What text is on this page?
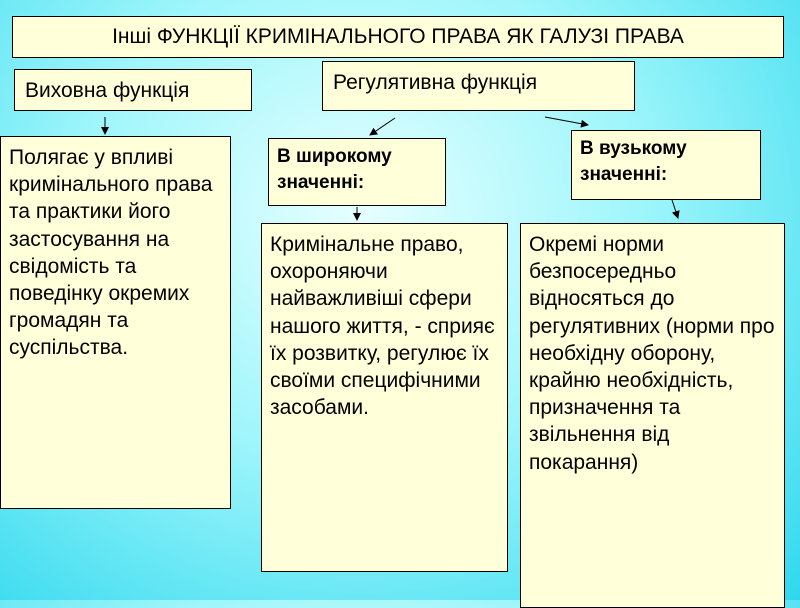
Інші ФУНКЦІЇ КРИМІНАЛЬНОГО ПРАВА ЯК ГАЛУЗІ ПРАВА
Виховна функція	Регулятивна функція
В широкому значенні:
В вузькому значенні:
Полягає у впливі кримінального права та практики його застосування на свідомість та поведінку окремих громадян та суспільства.
Кримінальне право, охороняючи найважливіші сфери нашого життя, - сприяє їх розвитку, регулює їх своїми специфічними засобами.
Окремі норми безпосередньо відносяться до регулятивних (норми про необхідну оборону, крайню необхідність, призначення та звільнення від покарання)
